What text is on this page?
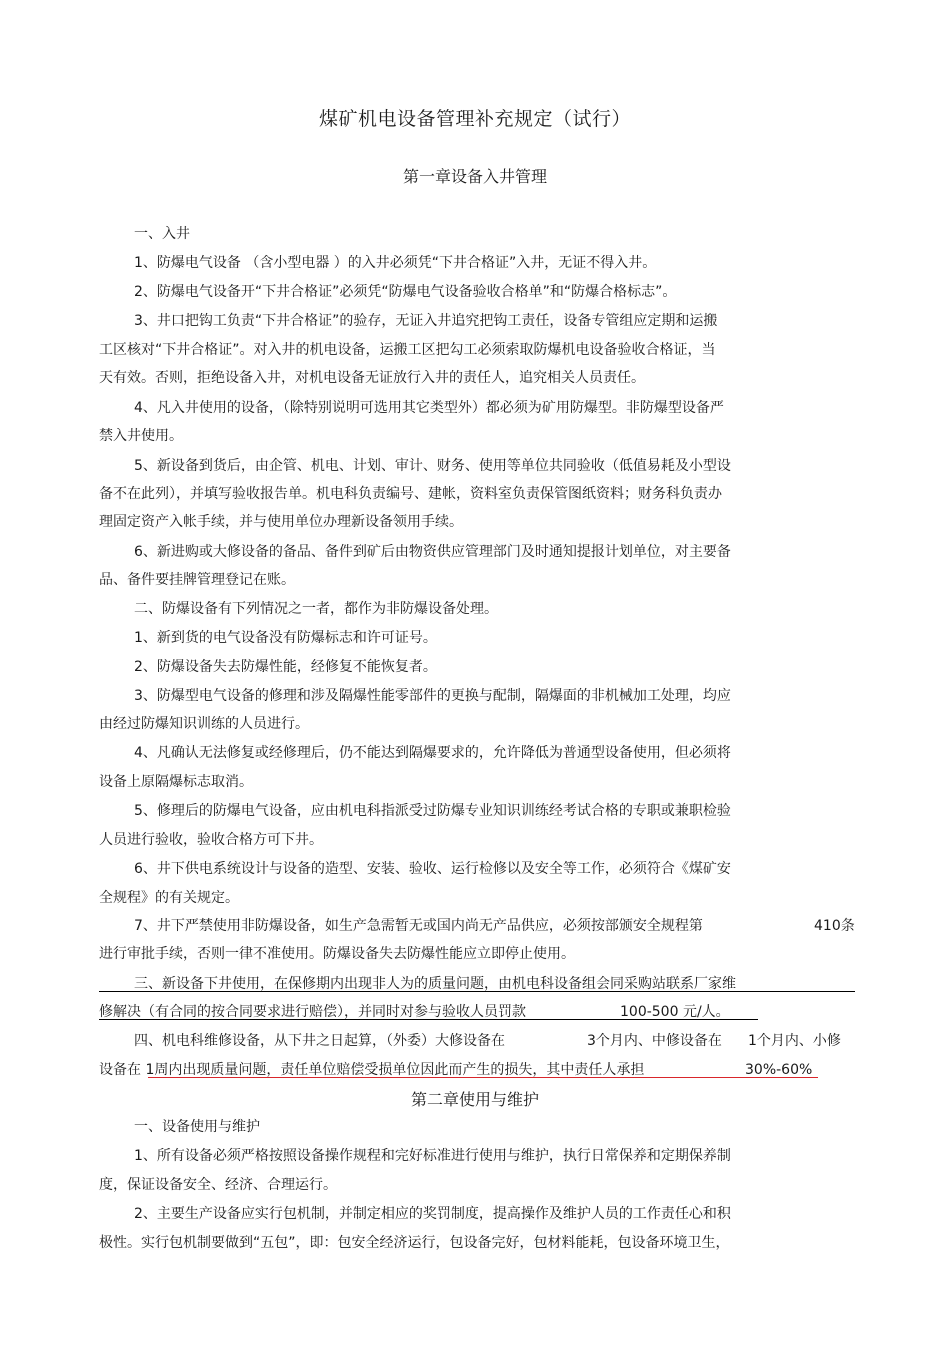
煤矿机电设备管理补充规定（试行）
第一章设备入井管理
一、入井
1、防爆电气设备 （含小型电器 ）的入井必须凭“下井合格证”入井，无证不得入井。
2、防爆电气设备开“下井合格证”必须凭“防爆电气设备验收合格单”和“防爆合格标志”。
3、井口把钩工负责“下井合格证”的验存，无证入井追究把钩工责任，设备专管组应定期和运搬
工区核对“下井合格证”。对入井的机电设备，运搬工区把勾工必须索取防爆机电设备验收合格证，当
天有效。否则，拒绝设备入井，对机电设备无证放行入井的责任人，追究相关人员责任。
4、凡入井使用的设备，（除特别说明可选用其它类型外）都必须为矿用防爆型。非防爆型设备严
禁入井使用。
5、新设备到货后，由企管、机电、计划、审计、财务、使用等单位共同验收（低值易耗及小型设
备不在此列），并填写验收报告单。机电科负责编号、建帐，资料室负责保管图纸资料；财务科负责办
理固定资产入帐手续，并与使用单位办理新设备领用手续。
6、新进购或大修设备的备品、备件到矿后由物资供应管理部门及时通知提报计划单位，对主要备
品、备件要挂牌管理登记在账。
二、防爆设备有下列情况之一者，都作为非防爆设备处理。
1、新到货的电气设备没有防爆标志和许可证号。
2、防爆设备失去防爆性能，经修复不能恢复者。
3、防爆型电气设备的修理和涉及隔爆性能零部件的更换与配制，隔爆面的非机械加工处理，均应
由经过防爆知识训练的人员进行。
4、凡确认无法修复或经修理后，仍不能达到隔爆要求的，允许降低为普通型设备使用，但必须将
设备上原隔爆标志取消。
5、修理后的防爆电气设备，应由机电科指派受过防爆专业知识训练经考试合格的专职或兼职检验
人员进行验收，验收合格方可下井。
6、井下供电系统设计与设备的造型、安装、验收、运行检修以及安全等工作，必须符合《煤矿安
全规程》的有关规定。
7、井下严禁使用非防爆设备，如生产急需暂无或国内尚无产品供应，必须按部颁安全规程第	410条
进行审批手续，否则一律不准使用。防爆设备失去防爆性能应立即停止使用。
三、新设备下井使用，在保修期内出现非人为的质量问题，由机电科设备组会同采购站联系厂家维
修解决（有合同的按合同要求进行赔偿），并同时对参与验收人员罚款	100-500 元/人。
四、机电科维修设备，从下井之日起算，（外委）大修设备在	3个月内、中修设备在 1个月内、小修
设备在 1周内出现质量问题，责任单位赔偿受损单位因此而产生的损失，其中责任人承担	30%-60%
第二章使用与维护
一、设备使用与维护
1、所有设备必须严格按照设备操作规程和完好标准进行使用与维护，执行日常保养和定期保养制
度，保证设备安全、经济、合理运行。
2、主要生产设备应实行包机制，并制定相应的奖罚制度，提高操作及维护人员的工作责任心和积
极性。实行包机制要做到“五包”，即：包安全经济运行，包设备完好，包材料能耗，包设备环境卫生，
